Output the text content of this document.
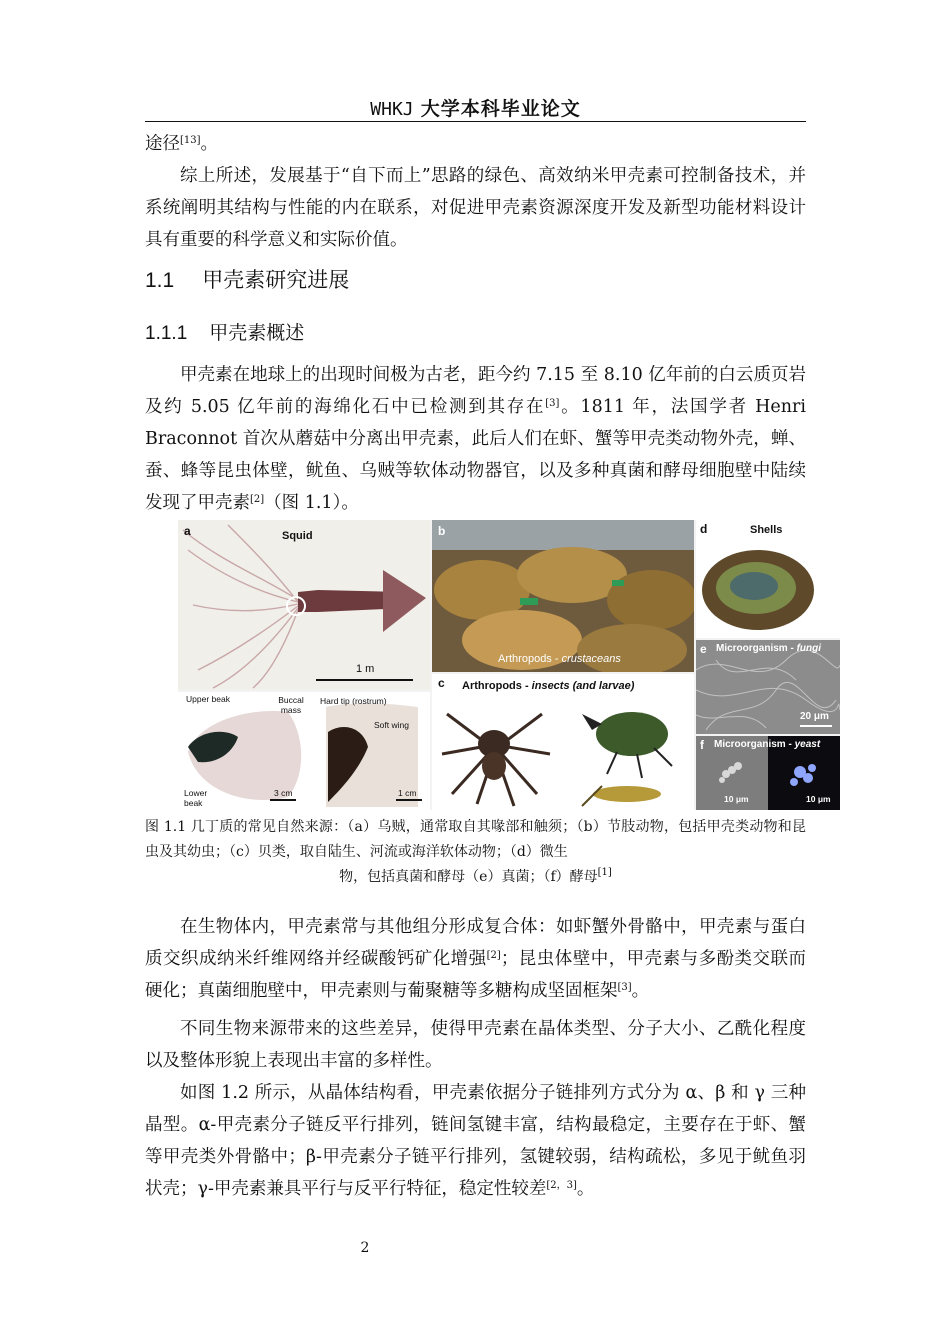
WHKJ 大学本科毕业论文

途径[13]。

综上所述，发展基于“自下而上”思路的绿色、高效纳米甲壳素可控制备技术，并系统阐明其结构与性能的内在联系，对促进甲壳素资源深度开发及新型功能材料设计具有重要的科学意义和实际价值。

1.1 甲壳素研究进展
1.1.1 甲壳素概述

甲壳素在地球上的出现时间极为古老，距今约 7.15 至 8.10 亿年前的白云质页岩及约 5.05 亿年前的海绵化石中已检测到其存在[3]。1811 年，法国学者 Henri Braconnot 首次从蘑菇中分离出甲壳素，此后人们在虾、蟹等甲壳类动物外壳，蝉、蚕、蜂等昆虫体壁，鱿鱼、乌贼等软体动物器官，以及多种真菌和酵母细胞壁中陆续发现了甲壳素[2]（图 1.1）。

a	Squid
1 m
Upper beak	Buccal mass
Lower beak
3 cm
Hard tip (rostrum)
Soft wing
1 cm
b
Arthropods - crustaceans
c Arthropods - insects (and larvae)
d	Shells
e Microorganism - fungi
20 μm
f Microorganism - yeast
10 μm	10 μm
图 1.1 几丁质的常见自然来源：（a）乌贼，通常取自其喙部和触须；（b）节肢动物，包括甲壳类动物和昆虫及其幼虫；（c）贝类，取自陆生、河流或海洋软体动物；（d）微生
物，包括真菌和酵母（e）真菌；（f）酵母[1]

在生物体内，甲壳素常与其他组分形成复合体：如虾蟹外骨骼中，甲壳素与蛋白质交织成纳米纤维网络并经碳酸钙矿化增强[2]；昆虫体壁中，甲壳素与多酚类交联而硬化；真菌细胞壁中，甲壳素则与葡聚糖等多糖构成坚固框架[3]。

不同生物来源带来的这些差异，使得甲壳素在晶体类型、分子大小、乙酰化程度以及整体形貌上表现出丰富的多样性。

如图 1.2 所示，从晶体结构看，甲壳素依据分子链排列方式分为 α、β 和 γ 三种晶型。α-甲壳素分子链反平行排列，链间氢键丰富，结构最稳定，主要存在于虾、蟹等甲壳类外骨骼中；β-甲壳素分子链平行排列，氢键较弱，结构疏松，多见于鱿鱼羽状壳；γ-甲壳素兼具平行与反平行特征，稳定性较差[2，3]。

2
